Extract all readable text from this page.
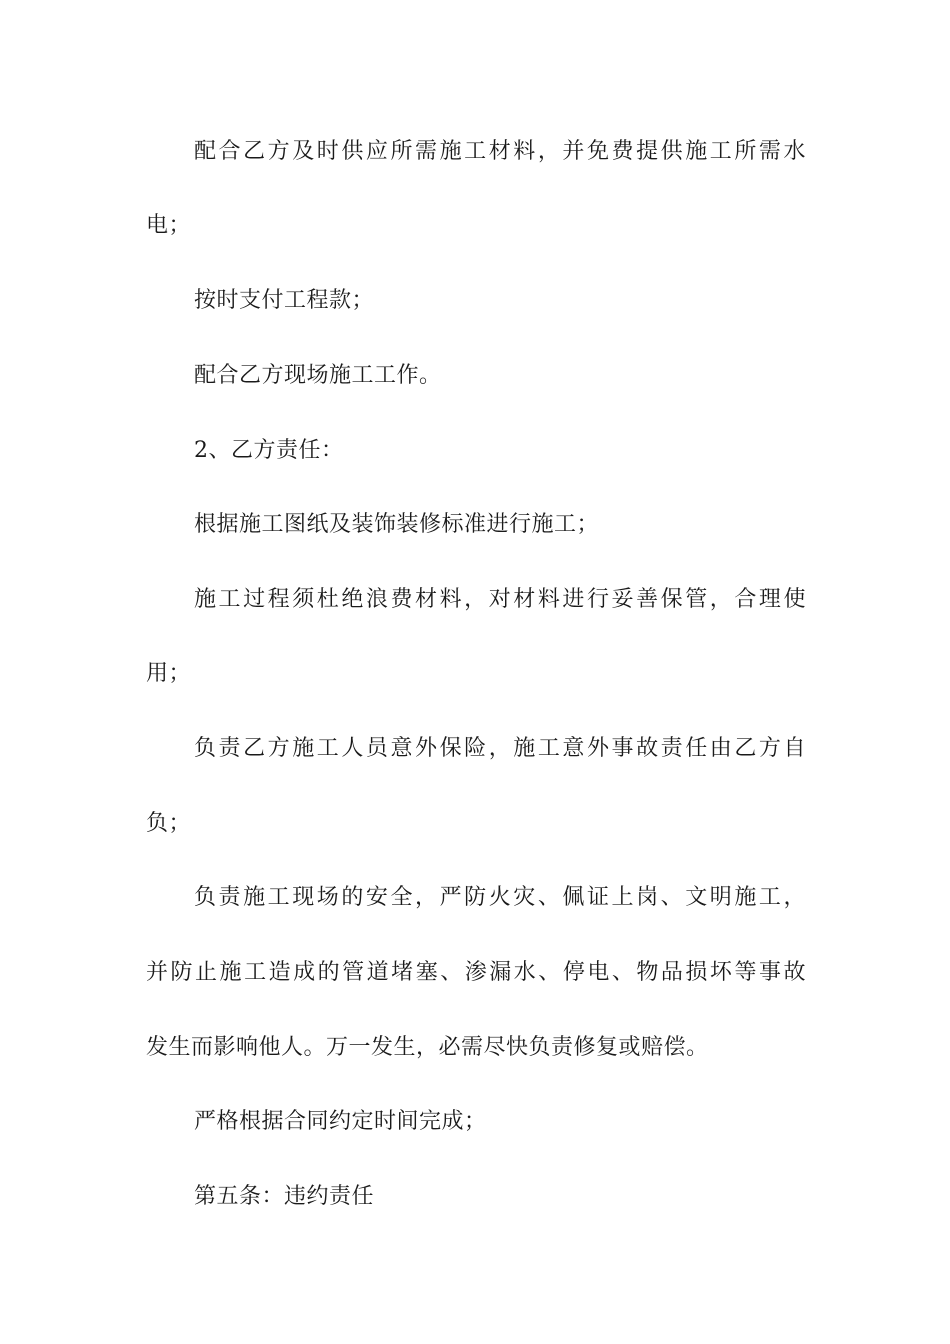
配合乙方及时供应所需施工材料，并免费提供施工所需水
电；
按时支付工程款；
配合乙方现场施工工作。
2、乙方责任：
根据施工图纸及装饰装修标准进行施工；
施工过程须杜绝浪费材料，对材料进行妥善保管，合理使
用；
负责乙方施工人员意外保险，施工意外事故责任由乙方自
负；
负责施工现场的安全，严防火灾、佩证上岗、文明施工，
并防止施工造成的管道堵塞、渗漏水、停电、物品损坏等事故
发生而影响他人。万一发生，必需尽快负责修复或赔偿。
严格根据合同约定时间完成；
第五条：违约责任
